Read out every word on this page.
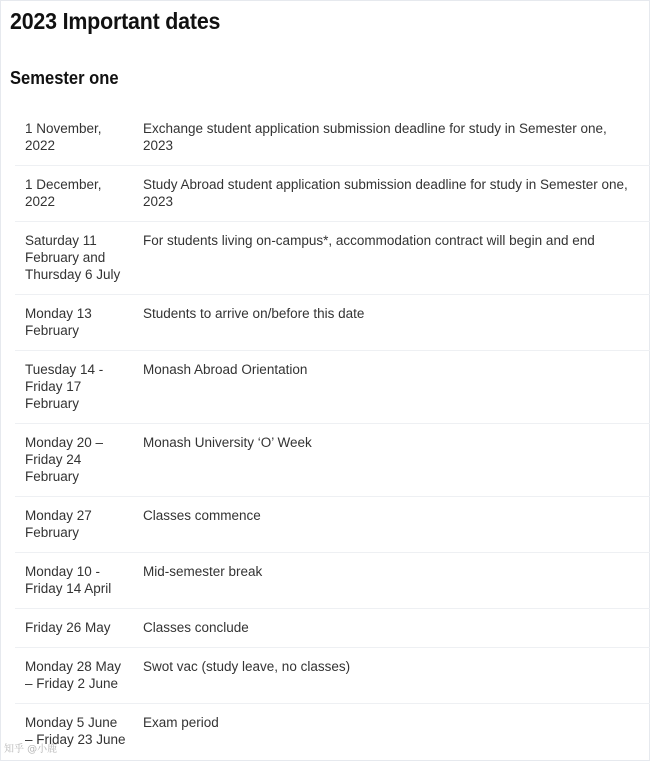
2023 Important dates
Semester one
1 November,
2022	Exchange student application submission deadline for study in Semester one,
2023
1 December,
2022	Study Abroad student application submission deadline for study in Semester one,
2023
Saturday 11
February and
Thursday 6 July	For students living on-campus*, accommodation contract will begin and end
Monday 13
February	Students to arrive on/before this date
Tuesday 14 -
Friday 17
February	Monash Abroad Orientation
Monday 20 –
Friday 24
February	Monash University ‘O’ Week
Monday 27
February	Classes commence
Monday 10 -
Friday 14 April	Mid-semester break
Friday 26 May	Classes conclude
Monday 28 May
– Friday 2 June	Swot vac (study leave, no classes)
Monday 5 June
– Friday 23 June	Exam period
知乎 @小鹿
